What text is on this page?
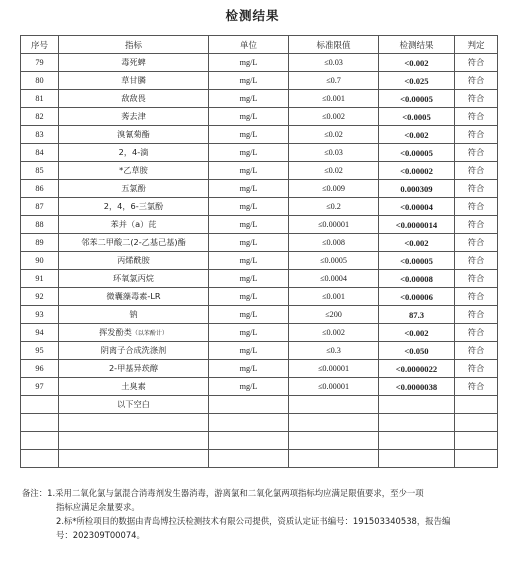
检测结果
序号	指标	单位	标准限值	检测结果	判定
79	毒死蜱	mg/L	≤0.03	<0.002	符合
80	草甘膦	mg/L	≤0.7	<0.025	符合
81	敌敌畏	mg/L	≤0.001	<0.00005	符合
82	莠去津	mg/L	≤0.002	<0.0005	符合
83	溴氰菊酯	mg/L	≤0.02	<0.002	符合
84	2，4-滴	mg/L	≤0.03	<0.00005	符合
85	*乙草胺	mg/L	≤0.02	<0.00002	符合
86	五氯酚	mg/L	≤0.009	0.000309	符合
87	2，4，6-三氯酚	mg/L	≤0.2	<0.00004	符合
88	苯并（a）芘	mg/L	≤0.00001	<0.0000014	符合
89	邻苯二甲酸二(2-乙基己基)酯	mg/L	≤0.008	<0.002	符合
90	丙烯酰胺	mg/L	≤0.0005	<0.00005	符合
91	环氧氯丙烷	mg/L	≤0.0004	<0.00008	符合
92	微囊藻毒素-LR	mg/L	≤0.001	<0.00006	符合
93	钠	mg/L	≤200	87.3	符合
94	挥发酚类（以苯酚计）	mg/L	≤0.002	<0.002	符合
95	阴离子合成洗涤剂	mg/L	≤0.3	<0.050	符合
96	2-甲基异莰醇	mg/L	≤0.00001	<0.0000022	符合
97	土臭素	mg/L	≤0.00001	<0.0000038	符合
	以下空白				

备注：1.采用二氧化氯与氯混合消毒剂发生器消毒，游离氯和二氧化氯两项指标均应满足限值要求，至少一项
指标应满足余量要求。
2.标*所检项目的数据由青岛博拉沃检测技术有限公司提供，资质认定证书编号：191503340538，报告编
号：202309T00074。
